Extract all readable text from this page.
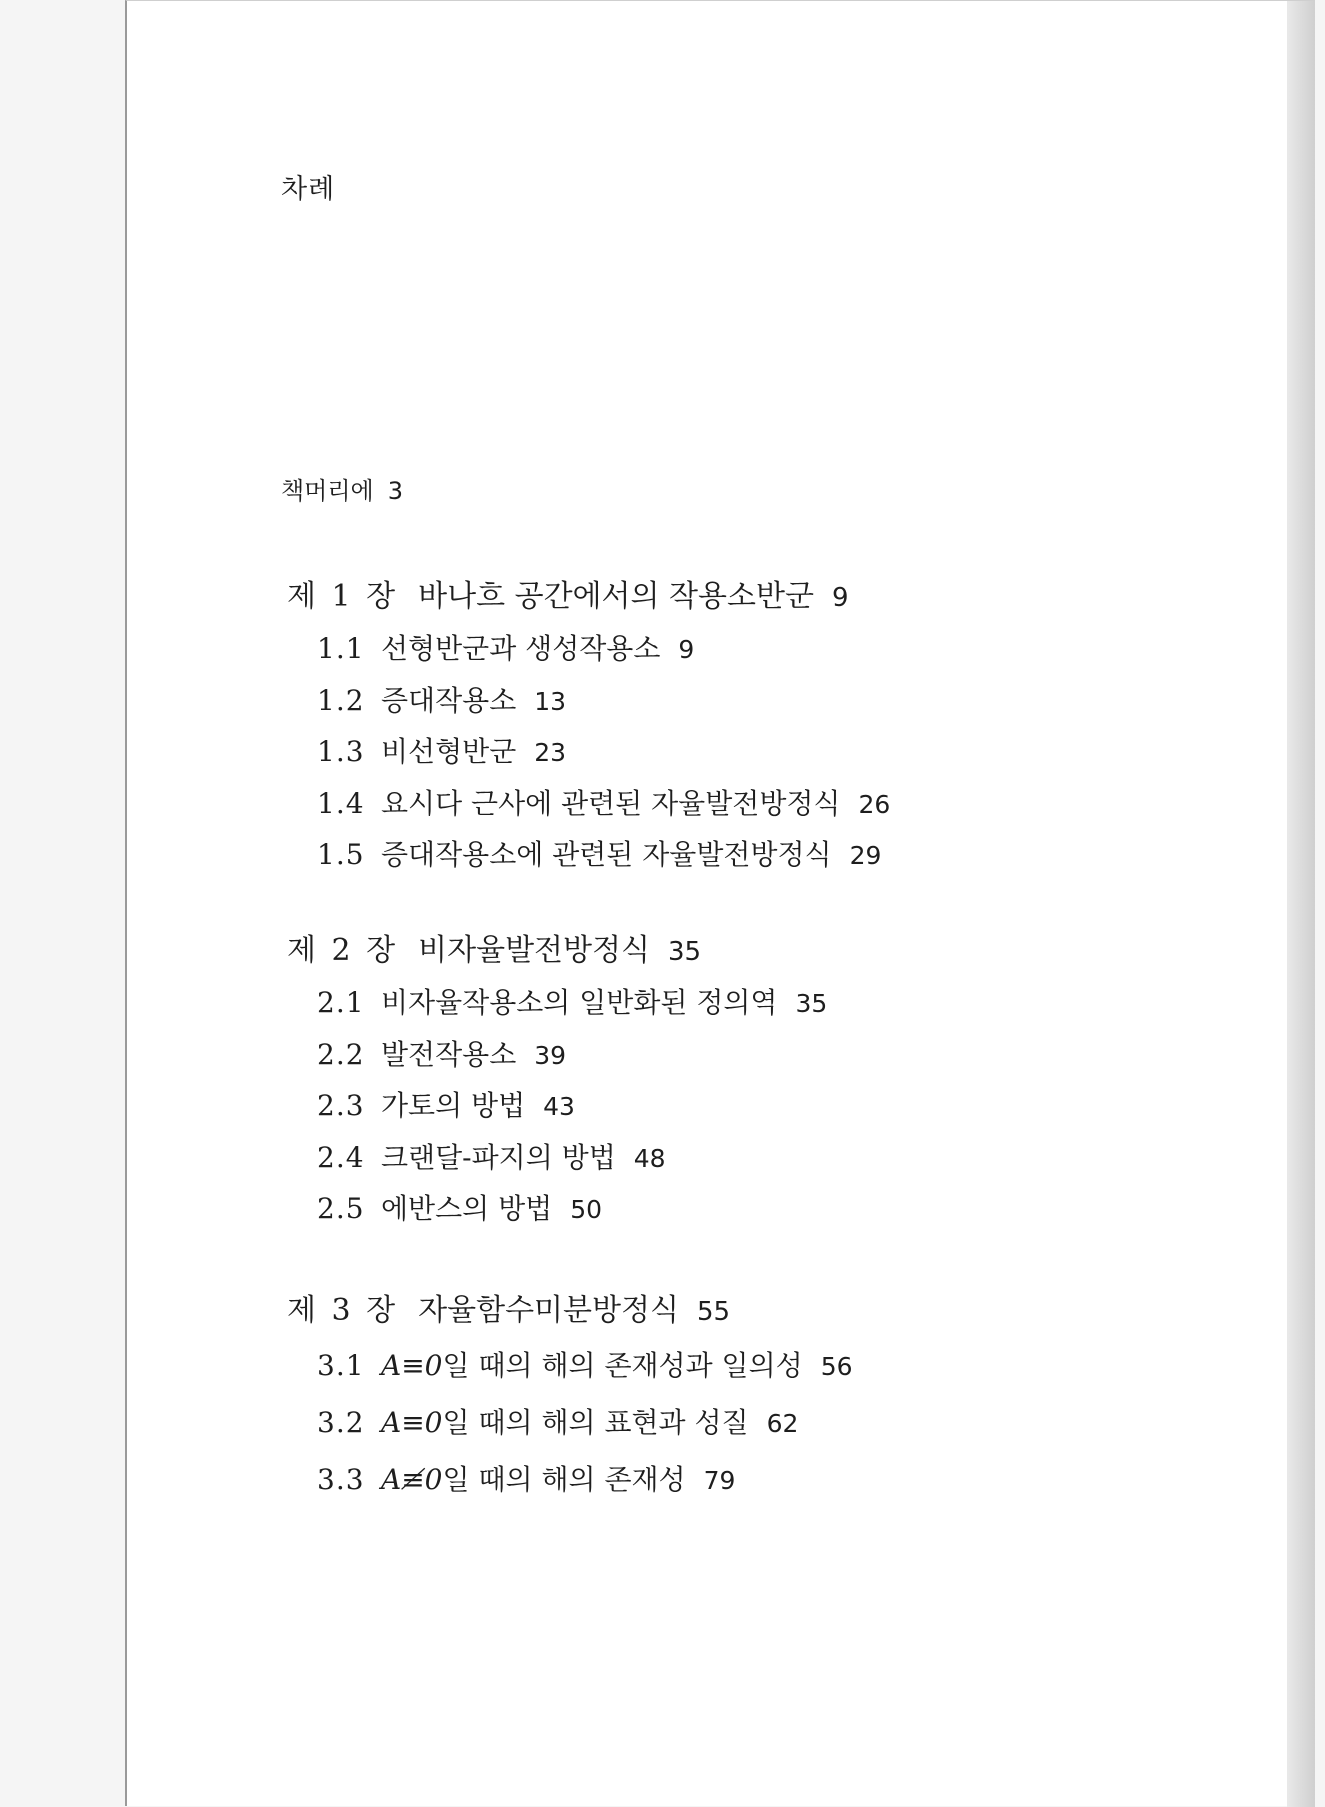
차례
책머리에 3
제 1 장 바나흐 공간에서의 작용소반군 9
1.1 선형반군과 생성작용소 9
1.2 증대작용소 13
1.3 비선형반군 23
1.4 요시다 근사에 관련된 자율발전방정식 26
1.5 증대작용소에 관련된 자율발전방정식 29
제 2 장 비자율발전방정식 35
2.1 비자율작용소의 일반화된 정의역 35
2.2 발전작용소 39
2.3 가토의 방법 43
2.4 크랜달-파지의 방법 48
2.5 에반스의 방법 50
제 3 장 자율함수미분방정식 55
3.1 A≡0일 때의 해의 존재성과 일의성 56
3.2 A≡0일 때의 해의 표현과 성질 62
3.3 A≢0일 때의 해의 존재성 79
